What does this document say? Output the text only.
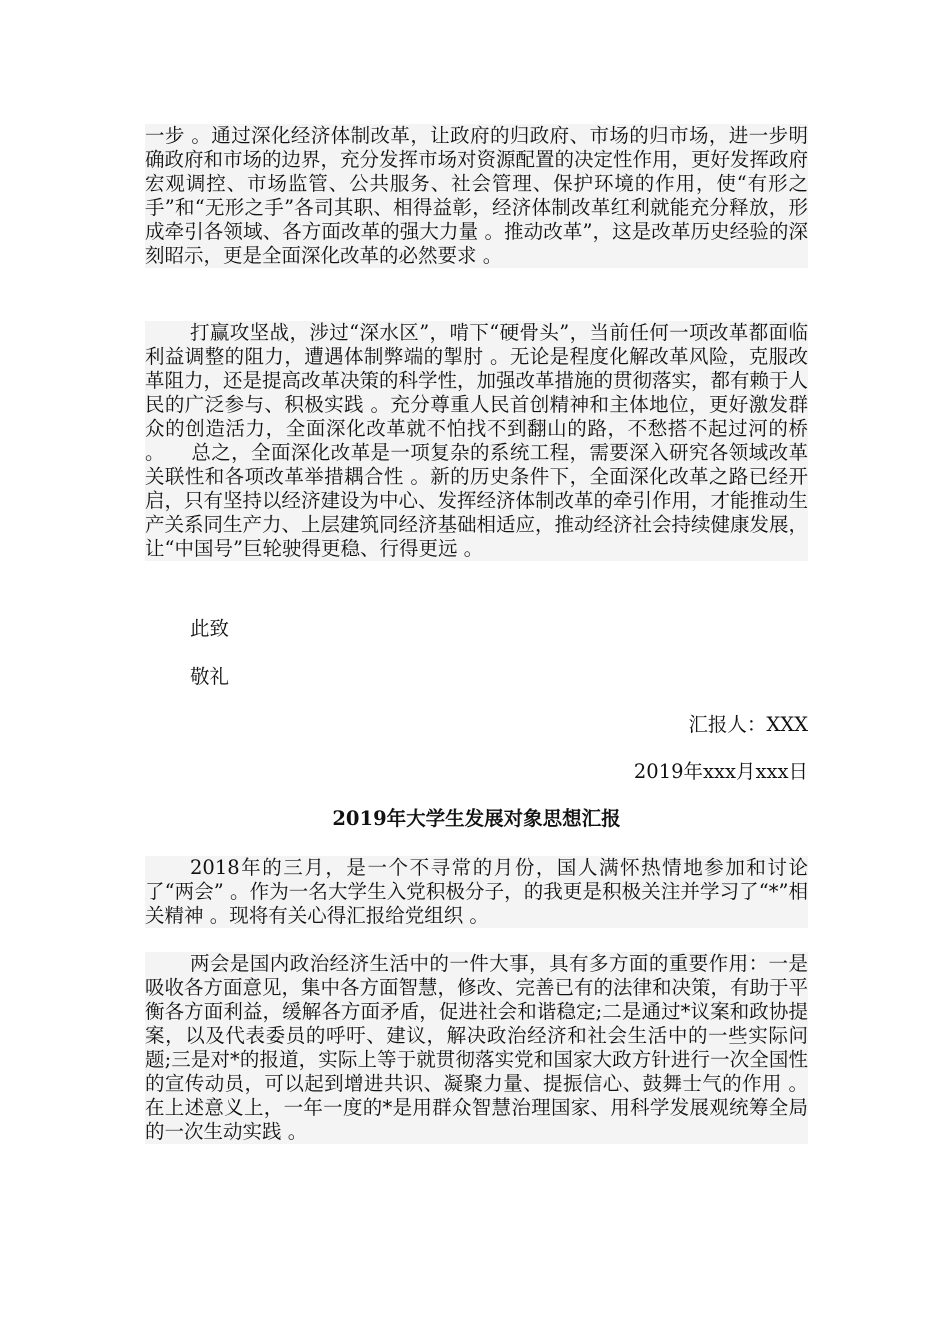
一步 。通过深化经济体制改革，让政府的归政府、市场的归市场，进一步明确政府和市场的边界，充分发挥市场对资源配置的决定性作用，更好发挥政府宏观调控、市场监管、公共服务、社会管理、保护环境的作用，使“有形之手”和“无形之手”各司其职、相得益彰，经济体制改革红利就能充分释放，形成牵引各领域、各方面改革的强大力量 。推动改革”，这是改革历史经验的深刻昭示，更是全面深化改革的必然要求 。

打赢攻坚战，涉过“深水区”，啃下“硬骨头”，当前任何一项改革都面临利益调整的阻力，遭遇体制弊端的掣肘 。无论是程度化解改革风险，克服改革阻力，还是提高改革决策的科学性，加强改革措施的贯彻落实，都有赖于人民的广泛参与、积极实践 。充分尊重人民首创精神和主体地位，更好激发群众的创造活力，全面深化改革就不怕找不到翻山的路，不愁搭不起过河的桥 。    总之，全面深化改革是一项复杂的系统工程，需要深入研究各领域改革关联性和各项改革举措耦合性 。新的历史条件下，全面深化改革之路已经开启，只有坚持以经济建设为中心、发挥经济体制改革的牵引作用，才能推动生产关系同生产力、上层建筑同经济基础相适应，推动经济社会持续健康发展，让“中国号”巨轮驶得更稳、行得更远 。

此致

敬礼

汇报人：XXX

2019年xxx月xxx日

2019年大学生发展对象思想汇报

2018年的三月，是一个不寻常的月份，国人满怀热情地参加和讨论了“两会” 。作为一名大学生入党积极分子，的我更是积极关注并学习了“*”相关精神 。现将有关心得汇报给党组织 。

两会是国内政治经济生活中的一件大事，具有多方面的重要作用：一是吸收各方面意见，集中各方面智慧，修改、完善已有的法律和决策，有助于平衡各方面利益，缓解各方面矛盾，促进社会和谐稳定;二是通过*议案和政协提案，以及代表委员的呼吁、建议，解决政治经济和社会生活中的一些实际问题;三是对*的报道，实际上等于就贯彻落实党和国家大政方针进行一次全国性的宣传动员，可以起到增进共识、凝聚力量、提振信心、鼓舞士气的作用 。在上述意义上，一年一度的*是用群众智慧治理国家、用科学发展观统筹全局的一次生动实践 。
